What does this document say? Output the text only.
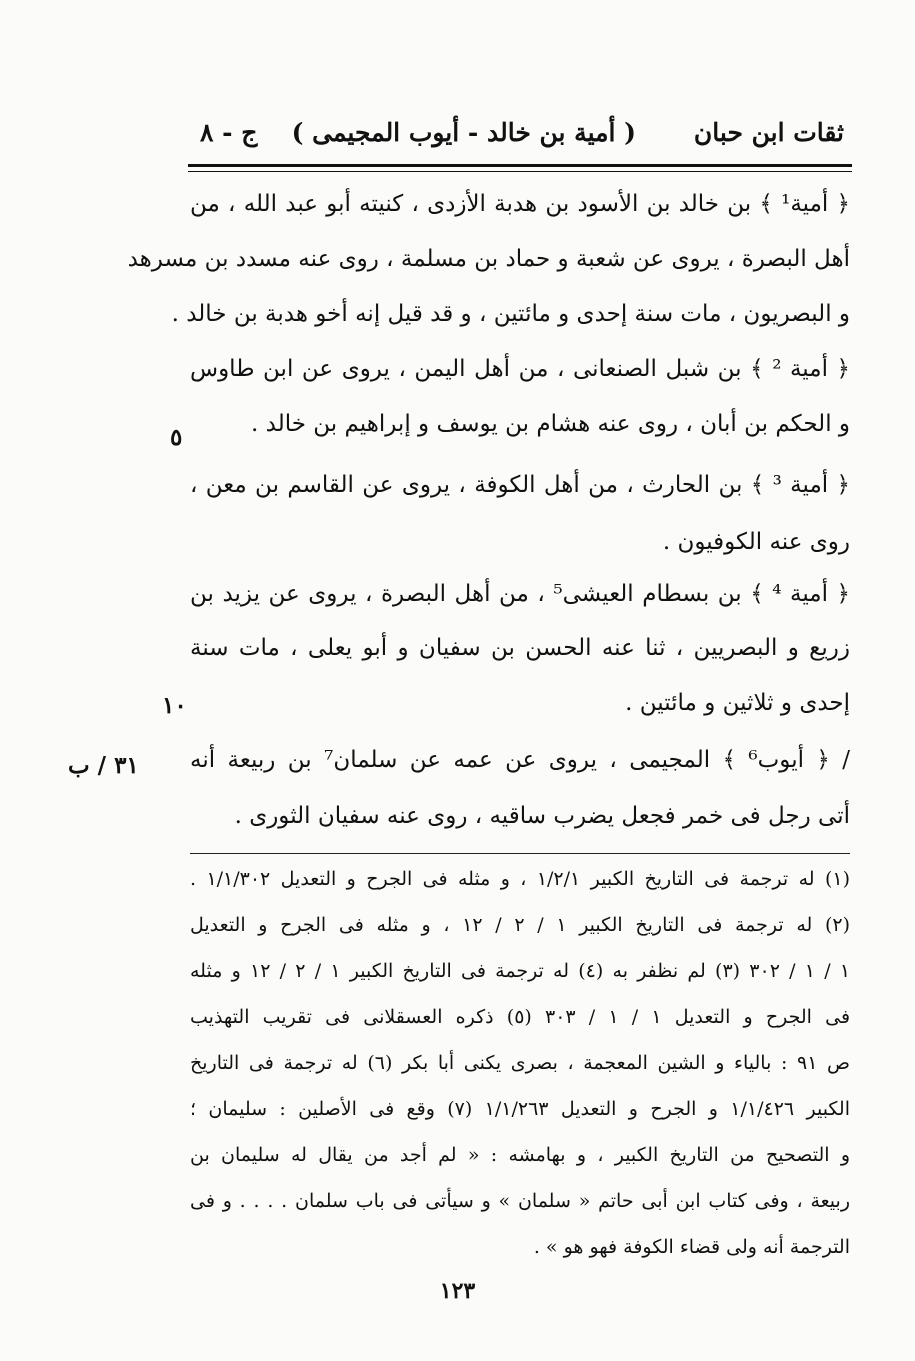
ثقات ابن حبان
( أمية بن خالد - أيوب المجيمى )
ج - ٨
﴿ أمية¹ ﴾ بن خالد بن الأسود بن هدبة الأزدى ، كنيته أبو عبد الله ، من
أهل البصرة ، يروى عن شعبة و حماد بن مسلمة ، روى عنه مسدد بن مسرهد
و البصريون ، مات سنة إحدى و مائتين ، و قد قيل إنه أخو هدبة بن خالد .
﴿ أمية ² ﴾ بن شبل الصنعانى ، من أهل اليمن ، يروى عن ابن طاوس
و الحكم بن أبان ، روى عنه هشام بن يوسف و إبراهيم بن خالد .
﴿ أمية ³ ﴾ بن الحارث ، من أهل الكوفة ، يروى عن القاسم بن معن ،
روى عنه الكوفيون .
﴿ أمية ⁴ ﴾ بن بسطام العيشى⁵ ، من أهل البصرة ، يروى عن يزيد بن
زريع و البصريين ، ثنا عنه الحسن بن سفيان و أبو يعلى ، مات سنة
إحدى و ثلاثين و مائتين .
/ ﴿ أيوب⁶ ﴾ المجيمى ، يروى عن عمه عن سلمان⁷ بن ربيعة أنه
أتى رجل فى خمر فجعل يضرب ساقيه ، روى عنه سفيان الثورى .
٥
١٠
٣١ / ب
(١) له ترجمة فى التاريخ الكبير ١/٢/١ ، و مثله فى الجرح و التعديل ١/١/٣٠٢ .
(٢) له ترجمة فى التاريخ الكبير ١ / ٢ / ١٢ ، و مثله فى الجرح و التعديل
١ / ١ / ٣٠٢ (٣) لم نظفر به (٤) له ترجمة فى التاريخ الكبير ١ / ٢ / ١٢ و مثله
فى الجرح و التعديل ١ / ١ / ٣٠٣ (٥) ذكره العسقلانى فى تقريب التهذيب
ص ٩١ : بالياء و الشين المعجمة ، بصرى يكنى أبا بكر (٦) له ترجمة فى التاريخ
الكبير ١/١/٤٢٦ و الجرح و التعديل ١/١/٢٦٣ (٧) وقع فى الأصلين : سليمان ؛
و التصحيح من التاريخ الكبير ، و بهامشه : « لم أجد من يقال له سليمان بن
ربيعة ، وفى كتاب ابن أبى حاتم « سلمان » و سيأتى فى باب سلمان . . . . و فى
الترجمة أنه ولى قضاء الكوفة فهو هو » .
١٢٣
